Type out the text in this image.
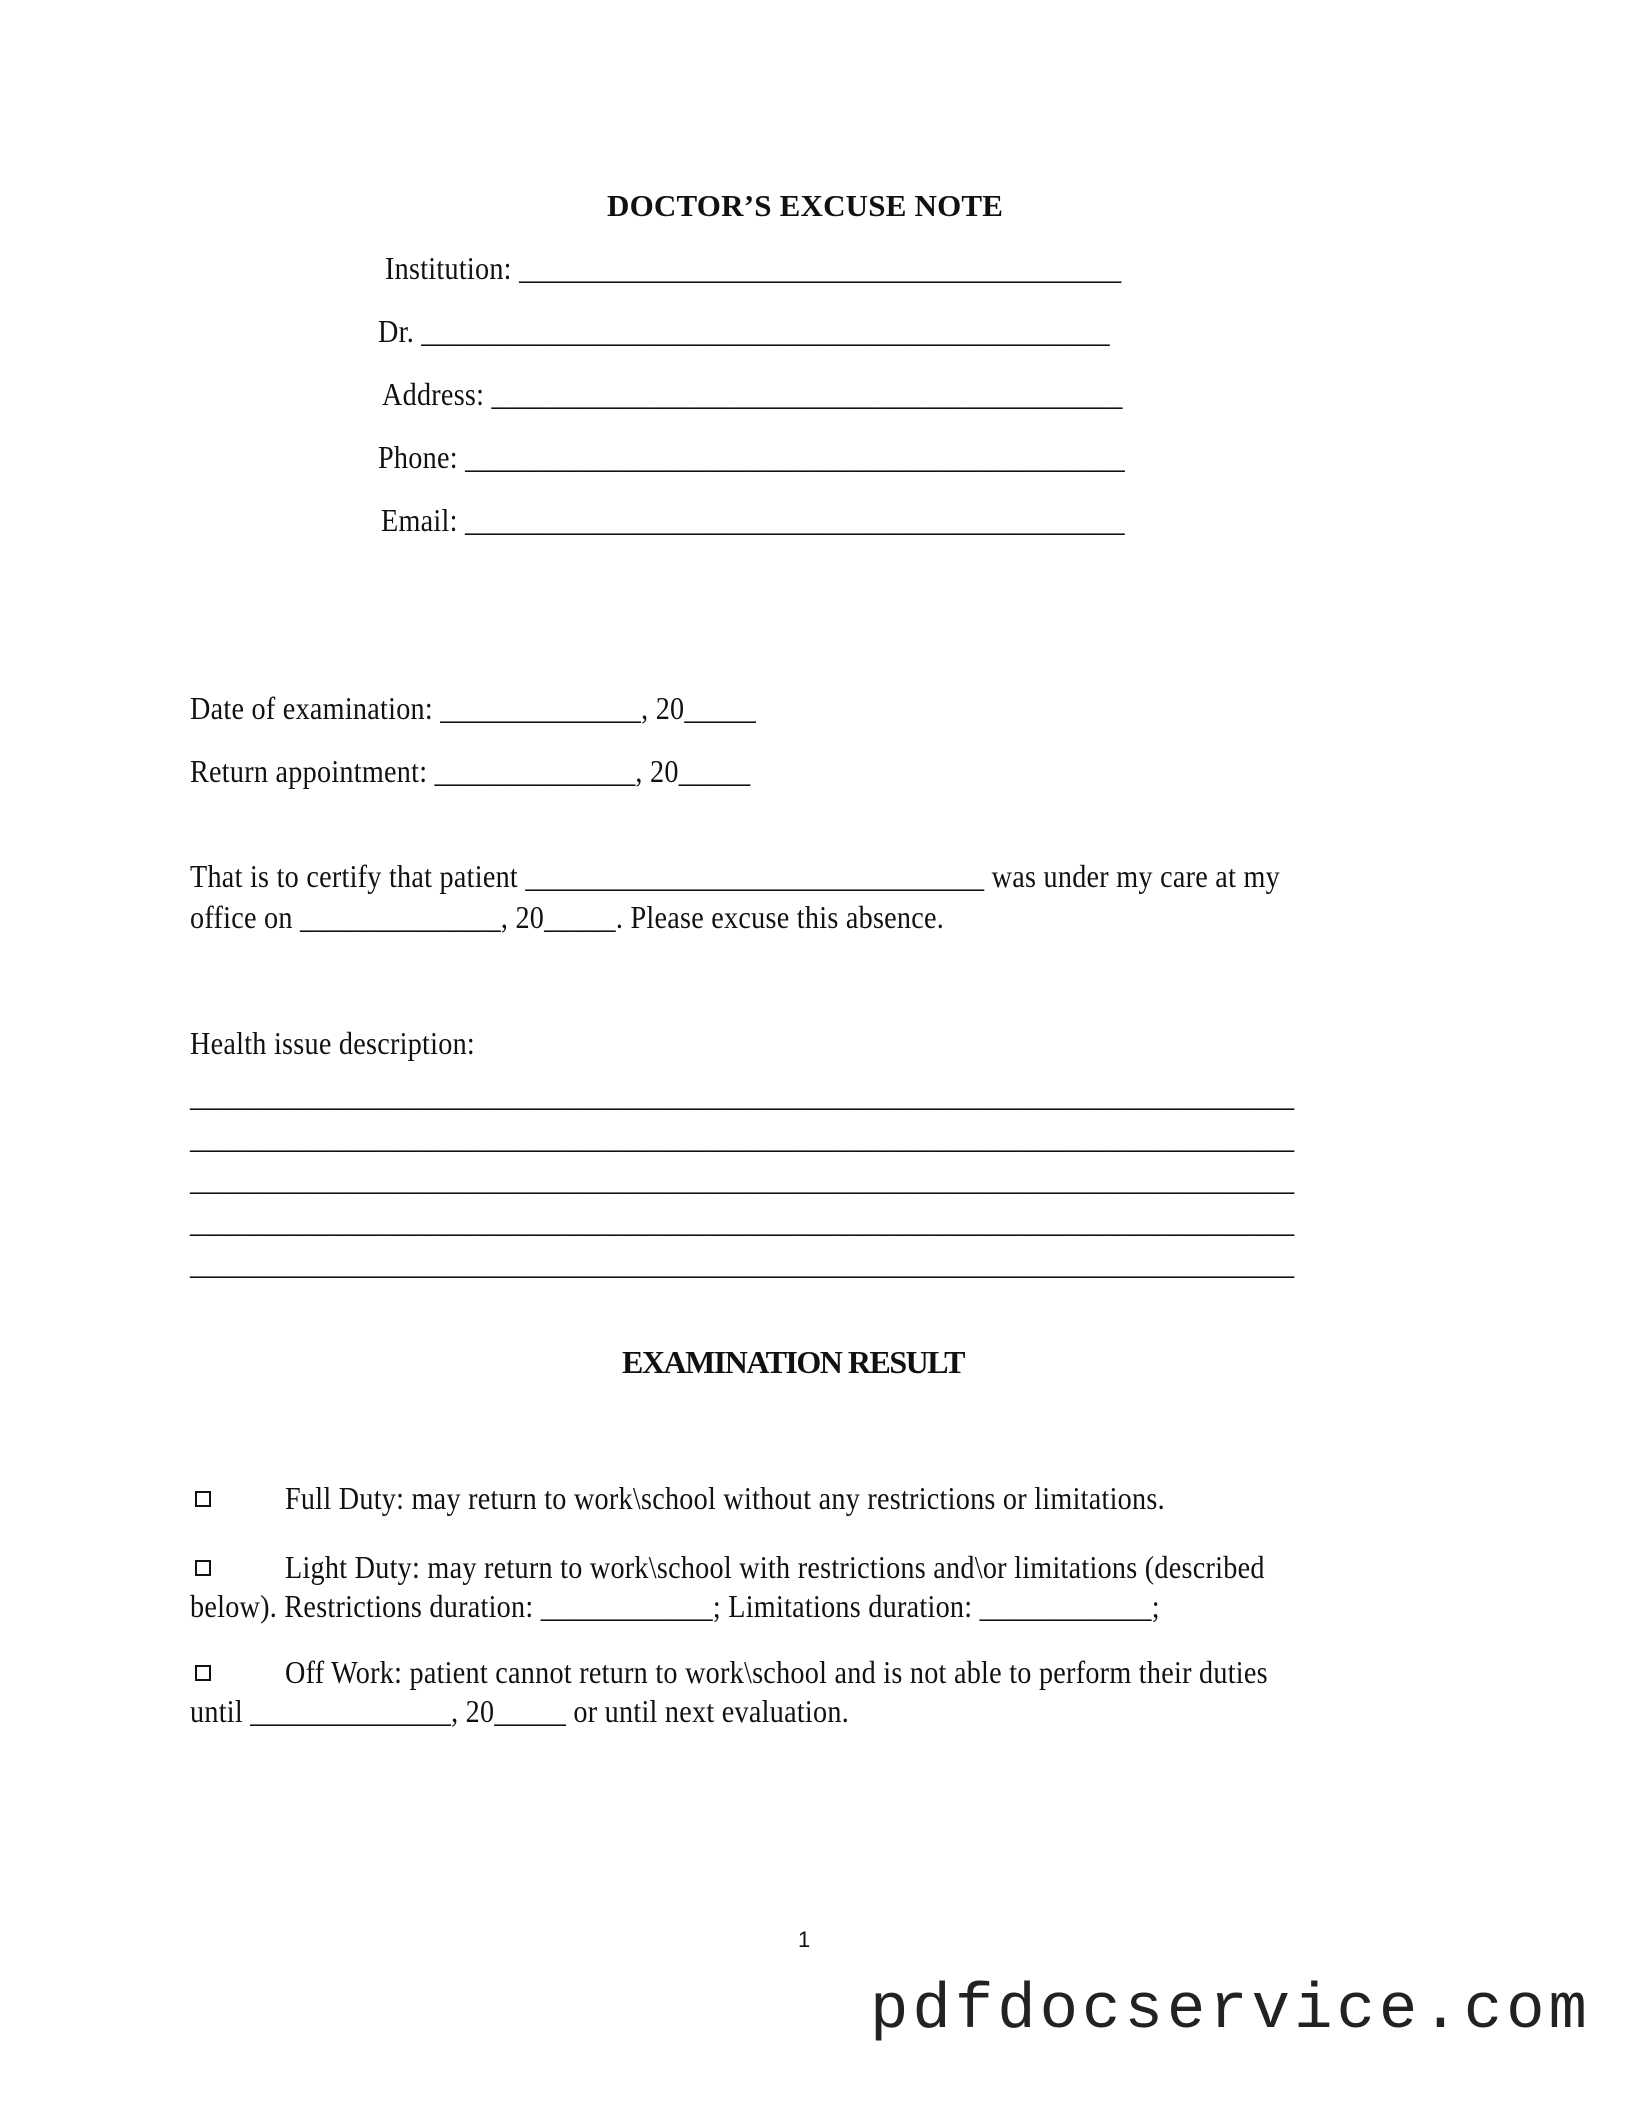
DOCTOR’S EXCUSE NOTE
Institution: __________________________________________
Dr. ________________________________________________
Address: ____________________________________________
Phone: ______________________________________________
Email: ______________________________________________
Date of examination: ______________, 20_____
Return appointment: ______________, 20_____
That is to certify that patient ________________________________ was under my care at my
office on ______________, 20_____. Please excuse this absence.
Health issue description:
_____________________________________________________________________________
_____________________________________________________________________________
_____________________________________________________________________________
_____________________________________________________________________________
_____________________________________________________________________________
EXAMINATION RESULT
Full Duty: may return to work\school without any restrictions or limitations.
Light Duty: may return to work\school with restrictions and\or limitations (described
below). Restrictions duration: ____________; Limitations duration: ____________;
Off Work: patient cannot return to work\school and is not able to perform their duties
until ______________, 20_____ or until next evaluation.
1
pdfdocservice.com
